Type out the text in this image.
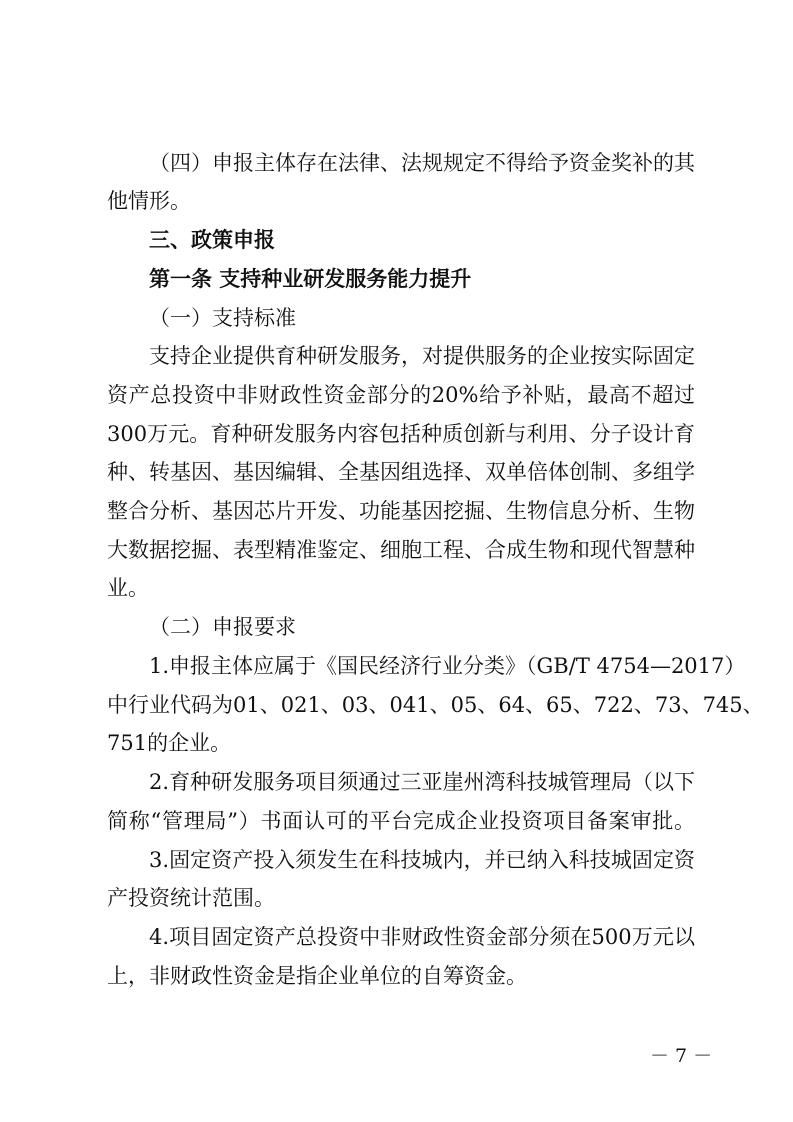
（四）申报主体存在法律、法规规定不得给予资金奖补的其

他情形。

三、政策申报

第一条 支持种业研发服务能力提升

（一）支持标准

支持企业提供育种研发服务，对提供服务的企业按实际固定

资产总投资中非财政性资金部分的20%给予补贴，最高不超过

300万元。育种研发服务内容包括种质创新与利用、分子设计育

种、转基因、基因编辑、全基因组选择、双单倍体创制、多组学

整合分析、基因芯片开发、功能基因挖掘、生物信息分析、生物

大数据挖掘、表型精准鉴定、细胞工程、合成生物和现代智慧种

业。

（二）申报要求

1.申报主体应属于《国民经济行业分类》（GB/T 4754—2017）

中行业代码为01、021、03、041、05、64、65、722、73、745、

751的企业。

2.育种研发服务项目须通过三亚崖州湾科技城管理局（以下

简称“管理局”）书面认可的平台完成企业投资项目备案审批。

3.固定资产投入须发生在科技城内，并已纳入科技城固定资

产投资统计范围。

4.项目固定资产总投资中非财政性资金部分须在500万元以

上，非财政性资金是指企业单位的自筹资金。

－ 7 －
